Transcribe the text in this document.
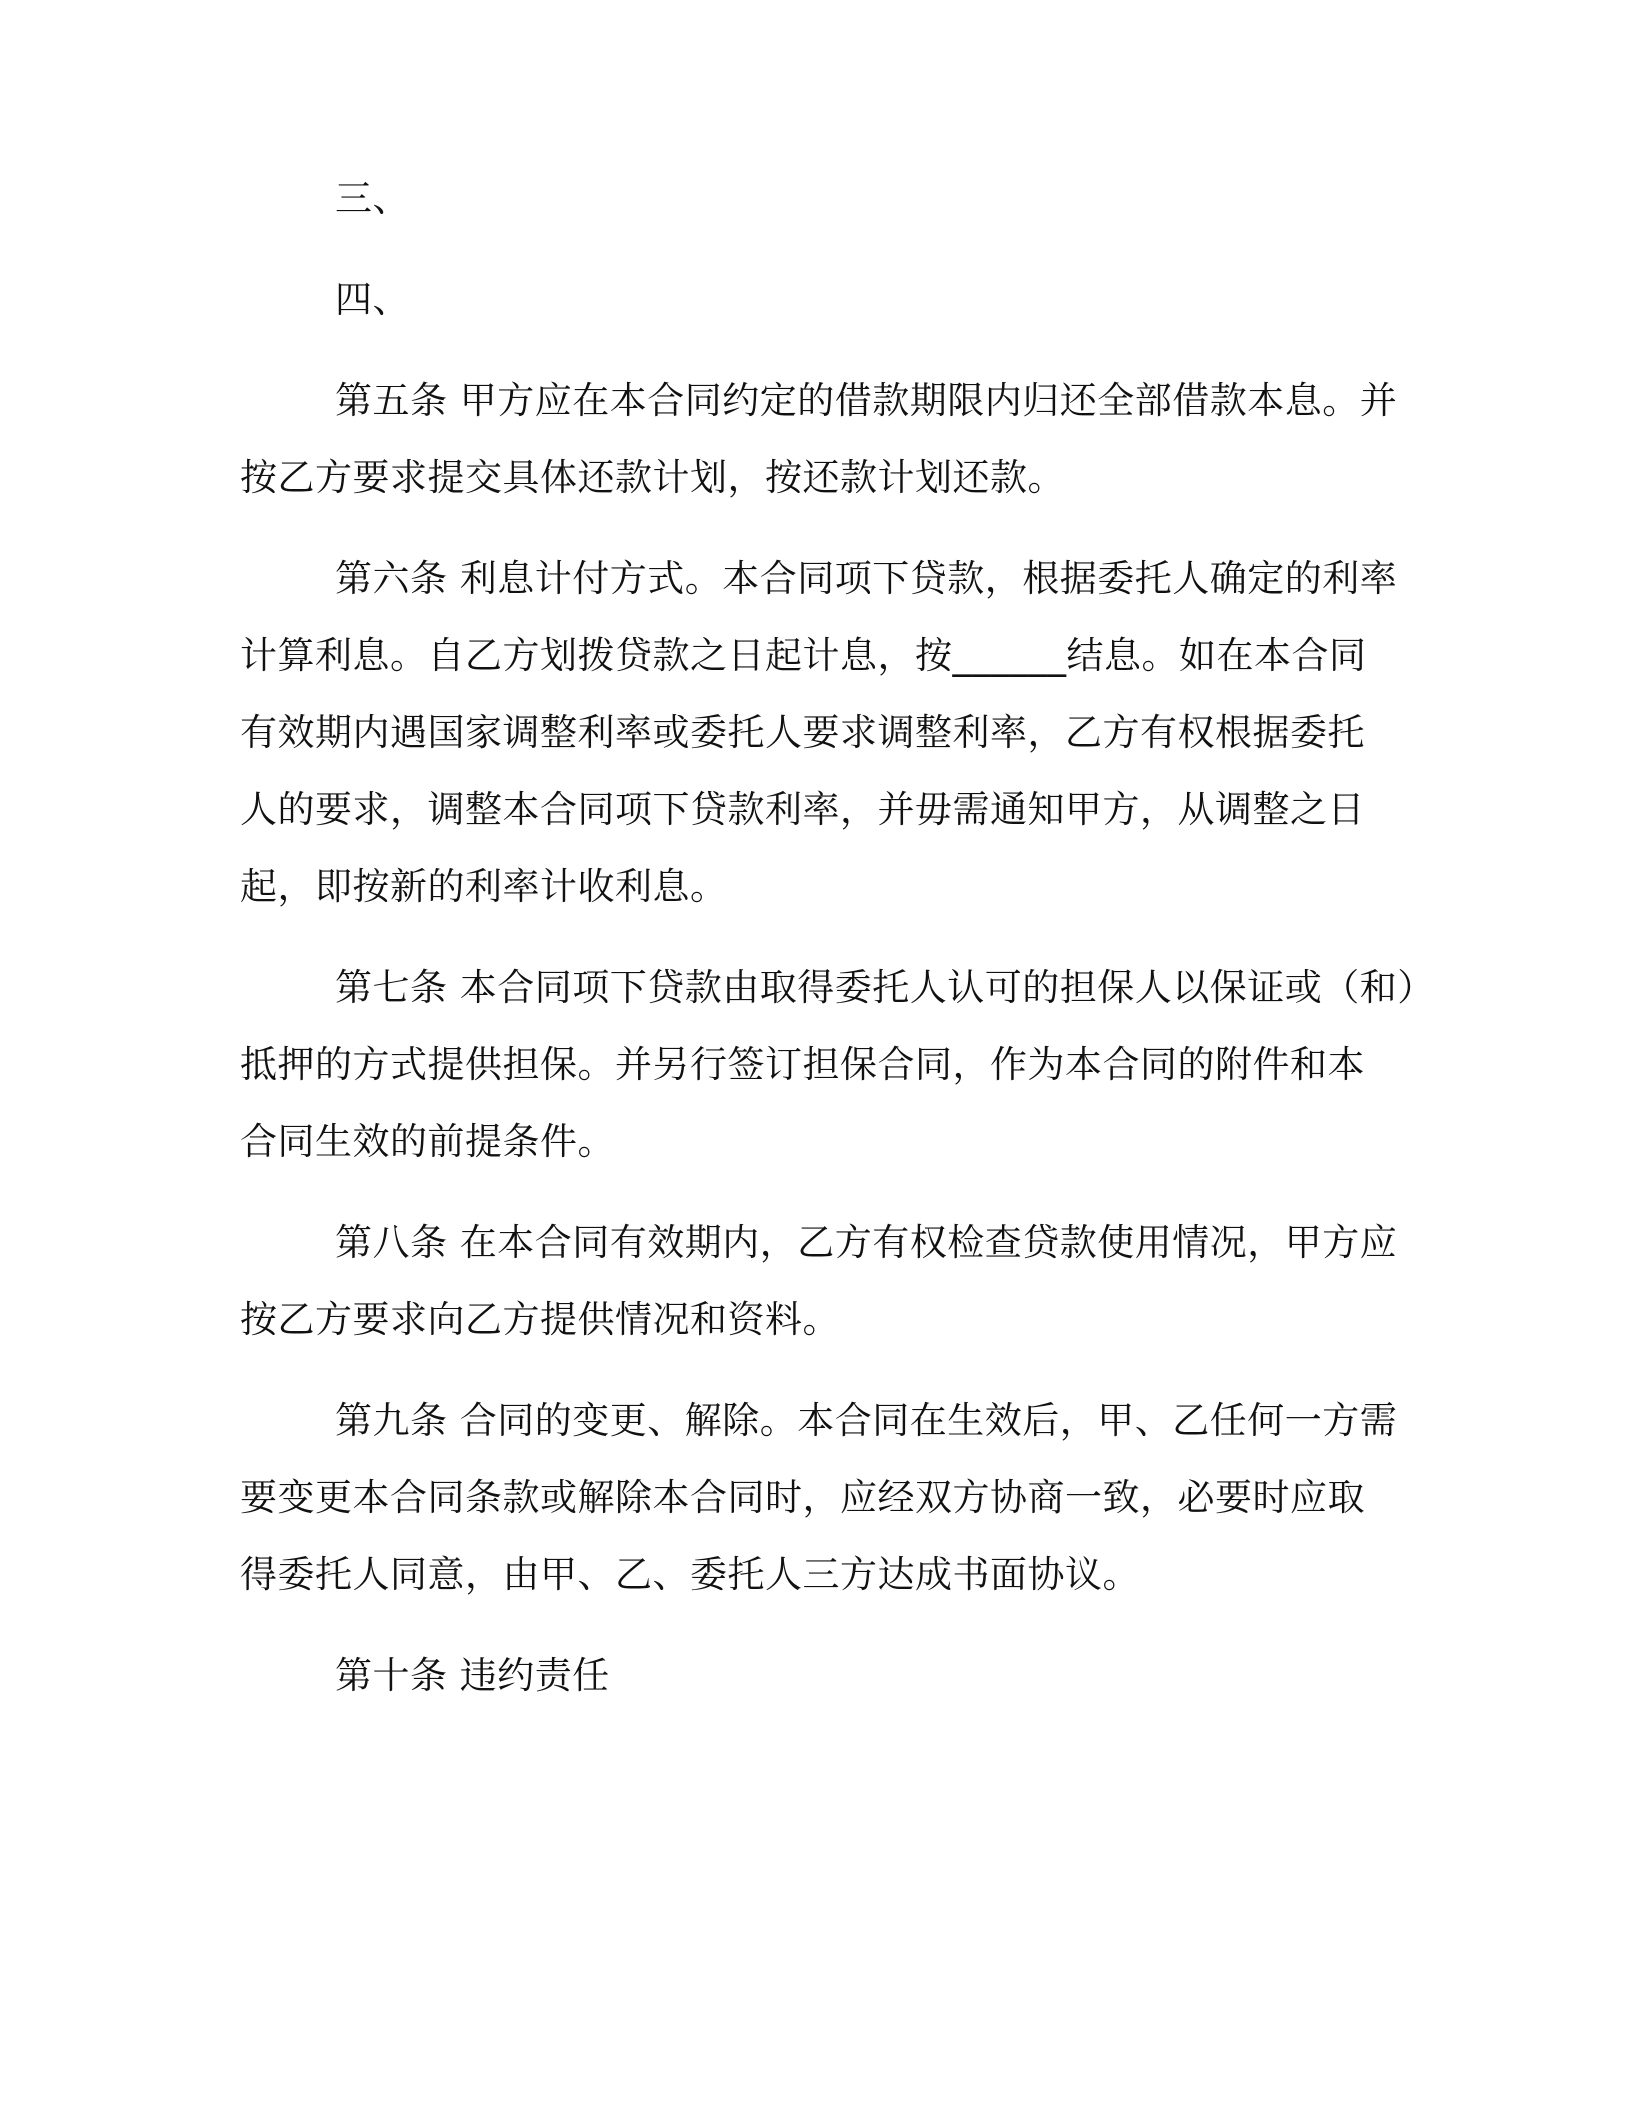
三、
四、
第五条 甲方应在本合同约定的借款期限内归还全部借款本息。并
按乙方要求提交具体还款计划，按还款计划还款。
第六条 利息计付方式。本合同项下贷款，根据委托人确定的利率
计算利息。自乙方划拨贷款之日起计息，按______结息。如在本合同
有效期内遇国家调整利率或委托人要求调整利率，乙方有权根据委托
人的要求，调整本合同项下贷款利率，并毋需通知甲方，从调整之日
起，即按新的利率计收利息。
第七条 本合同项下贷款由取得委托人认可的担保人以保证或（和）
抵押的方式提供担保。并另行签订担保合同，作为本合同的附件和本
合同生效的前提条件。
第八条 在本合同有效期内，乙方有权检查贷款使用情况，甲方应
按乙方要求向乙方提供情况和资料。
第九条 合同的变更、解除。本合同在生效后，甲、乙任何一方需
要变更本合同条款或解除本合同时，应经双方协商一致，必要时应取
得委托人同意，由甲、乙、委托人三方达成书面协议。
第十条 违约责任
